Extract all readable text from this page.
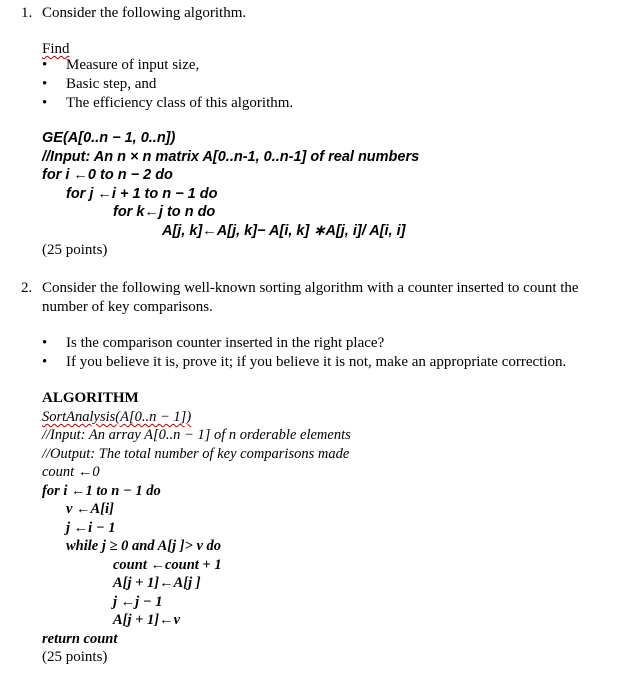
1. Consider the following algorithm.
Find
• Measure of input size,
• Basic step, and
• The efficiency class of this algorithm.
GE(A[0..n − 1, 0..n])
//Input: An n × n matrix A[0..n-1, 0..n-1] of real numbers
for i ←0 to n − 2 do
for j ←i + 1 to n − 1 do
for k←j to n do
A[j, k]←A[j, k]− A[i, k] ∗A[j, i]/ A[i, i]
(25 points)
2. Consider the following well-known sorting algorithm with a counter inserted to count the
number of key comparisons.
• Is the comparison counter inserted in the right place?
• If you believe it is, prove it; if you believe it is not, make an appropriate correction.
ALGORITHM
SortAnalysis(A[0..n − 1])
//Input: An array A[0..n − 1] of n orderable elements
//Output: The total number of key comparisons made
count ←0
for i ←1 to n − 1 do
v ←A[i]
j ←i − 1
while j ≥ 0 and A[j ]> v do
count ←count + 1
A[j + 1]←A[j ]
j ←j − 1
A[j + 1]←v
return count
(25 points)
